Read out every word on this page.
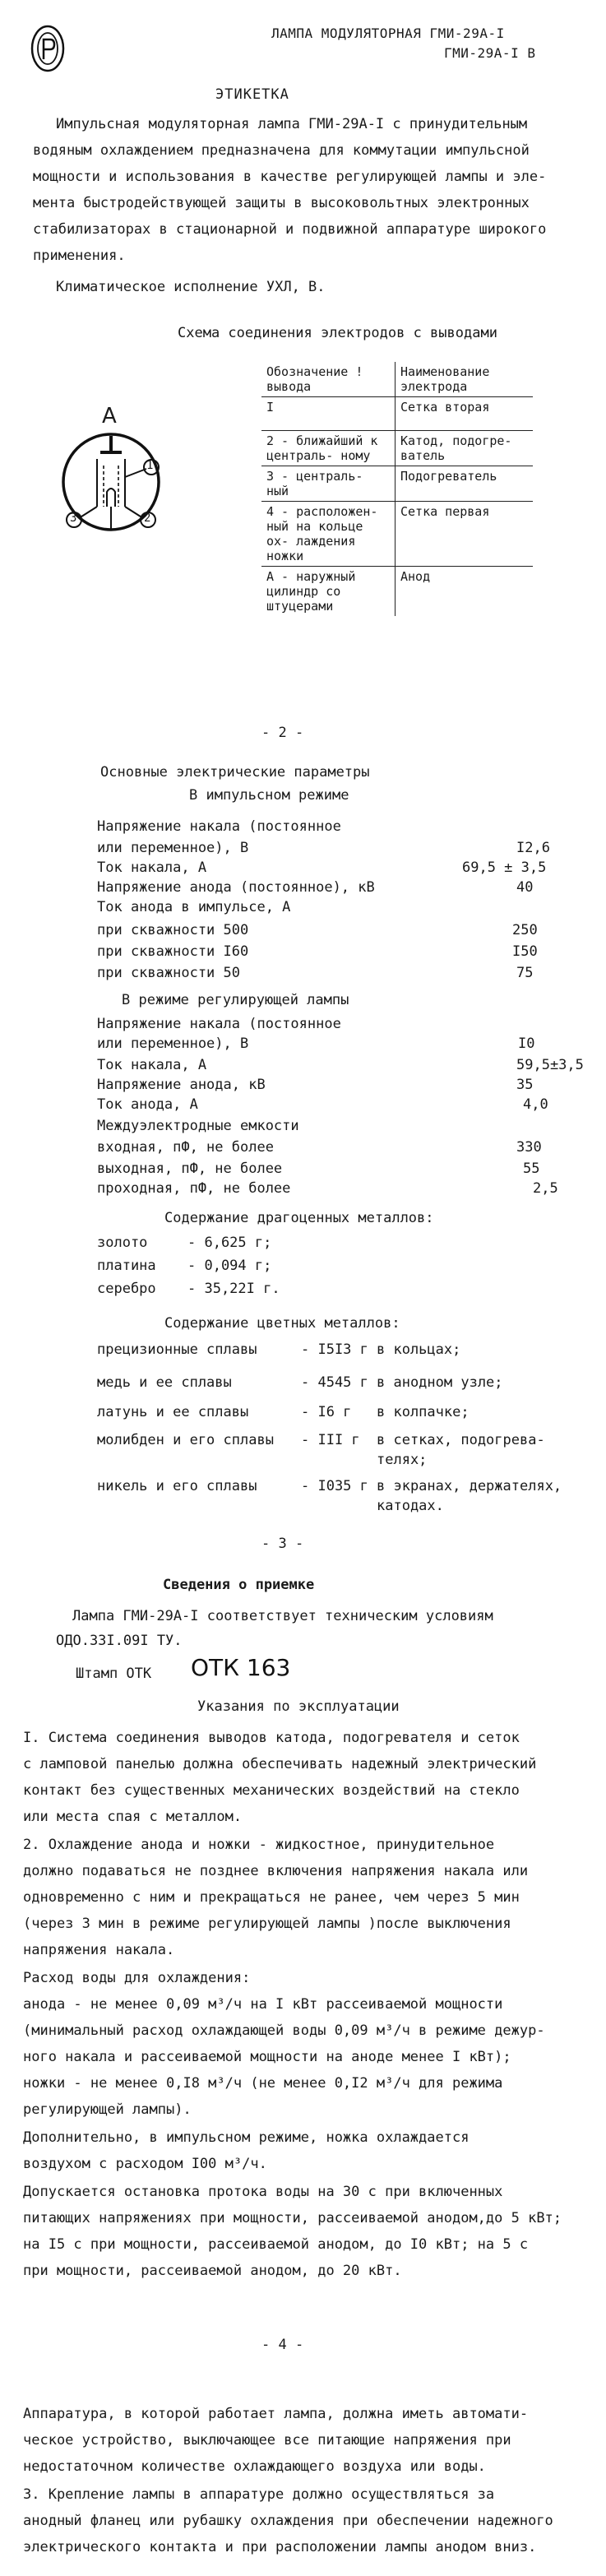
ЛАМПА МОДУЛЯТОРНАЯ ГМИ-29А-I
ГМИ-29А-I В
ЭТИКЕТКА
Импульсная модуляторная лампа ГМИ-29А-I с принудительным
водяным охлаждением предназначена для коммутации импульсной
мощности и использования в качестве регулирующей лампы и эле-
мента быстродействующей защиты в высоковольтных электронных
стабилизаторах в стационарной и подвижной аппаратуре широкого
применения.
Климатическое исполнение УХЛ, В.
Схема соединения электродов с выводами
А
1
3	2
Обозначение ! вывода	Наименование электрода
I	Сетка вторая
2 - ближайший к централь- ному	Катод, подогре- ватель
3 - централь- ный	Подогреватель
4 - расположен- ный на кольце ох- лаждения ножки	Сетка первая
А - наружный цилиндр со штуцерами	Анод
- 2 -
Основные электрические параметры
В импульсном режиме
Напряжение накала (постоянное
или переменное), В	I2,6
Ток накала, А	69,5 ± 3,5
Напряжение анода (постоянное), кВ	40
Ток анода в импульсе, А
при скважности 500	250
при скважности I60	I50
при скважности 50	75
В режиме регулирующей лампы
Напряжение накала (постоянное
или переменное), В	I0
Ток накала, А	59,5±3,5
Напряжение анода, кВ	35
Ток анода, А	4,0
Междуэлектродные емкости
входная, пФ, не более	330
выходная, пФ, не более	55
проходная, пФ, не более	2,5
Содержание драгоценных металлов:
золото	- 6,625 г;
платина - 0,094 г;
серебро - 35,22I г.
Содержание цветных металлов:
прецизионные сплавы	- I5I3 г в кольцах;
медь и ее сплавы	- 4545 г в анодном узле;
латунь и ее сплавы	- I6 г в колпачке;
молибден и его сплавы - III г в сетках, подогрева- телях;
никель и его сплавы	- I035 г в экранах, держателях, катодах.
- 3 -
Сведения о приемке
Лампа ГМИ-29А-I соответствует техническим условиям
ОДО.33I.09I ТУ.
Штамп ОТК ОТК 163
Указания по эксплуатации
I. Система соединения выводов катода, подогревателя и сеток
с ламповой панелью должна обеспечивать надежный электрический
контакт без существенных механических воздействий на стекло
или места спая с металлом.
2. Охлаждение анода и ножки - жидкостное, принудительное
должно подаваться не позднее включения напряжения накала или
одновременно с ним и прекращаться не ранее, чем через 5 мин
(через 3 мин в режиме регулирующей лампы )после выключения
напряжения накала.
Расход воды для охлаждения:
анода - не менее 0,09 м³/ч на I кВт рассеиваемой мощности
(минимальный расход охлаждающей воды 0,09 м³/ч в режиме дежур-
ного накала и рассеиваемой мощности на аноде менее I кВт);
ножки - не менее 0,I8 м³/ч (не менее 0,I2 м³/ч для режима
регулирующей лампы).
Дополнительно, в импульсном режиме, ножка охлаждается
воздухом с расходом I00 м³/ч.
Допускается остановка протока воды на 30 с при включенных
питающих напряжениях при мощности, рассеиваемой анодом,до 5 кВт;
на I5 с при мощности, рассеиваемой анодом, до I0 кВт; на 5 с
при мощности, рассеиваемой анодом, до 20 кВт.
- 4 -
Аппаратура, в которой работает лампа, должна иметь автомати-
ческое устройство, выключающее все питающие напряжения при
недостаточном количестве охлаждающего воздуха или воды.
3. Крепление лампы в аппаратуре должно осуществляться за
анодный фланец или рубашку охлаждения при обеспечении надежного
электрического контакта и при расположении лампы анодом вниз.
